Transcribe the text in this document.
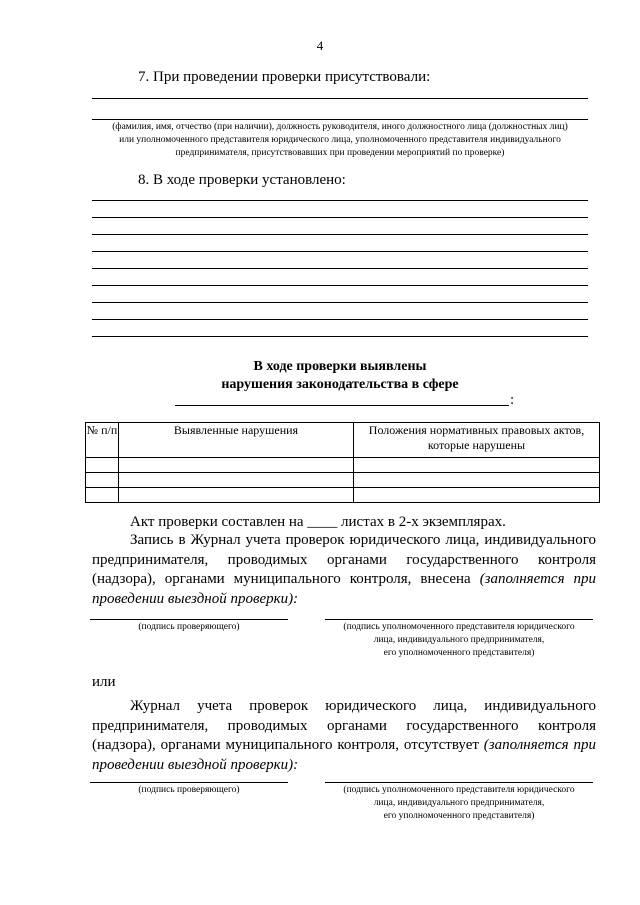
4
7. При проведении проверки присутствовали:
(фамилия, имя, отчество (при наличии), должность руководителя, иного должностного лица (должностных лиц)
или уполномоченного представителя юридического лица, уполномоченного представителя индивидуального
предпринимателя, присутствовавших при проведении мероприятий по проверке)
8. В ходе проверки установлено:
В ходе проверки выявлены
нарушения законодательства в сфере
:
№ п/п	Выявленные нарушения	Положения нормативных правовых актов, которые нарушены

Акт проверки составлен на ____ листах в 2-х экземплярах.
Запись в Журнал учета проверок юридического лица, индивидуального предпринимателя, проводимых органами государственного контроля (надзора), органами муниципального контроля, внесена (заполняется при проведении выездной проверки):
(подпись проверяющего)	(подпись уполномоченного представителя юридического
лица, индивидуального предпринимателя,
его уполномоченного представителя)
или
Журнал учета проверок юридического лица, индивидуального предпринимателя, проводимых органами государственного контроля (надзора), органами муниципального контроля, отсутствует (заполняется при проведении выездной проверки):
(подпись проверяющего)	(подпись уполномоченного представителя юридического
лица, индивидуального предпринимателя,
его уполномоченного представителя)
